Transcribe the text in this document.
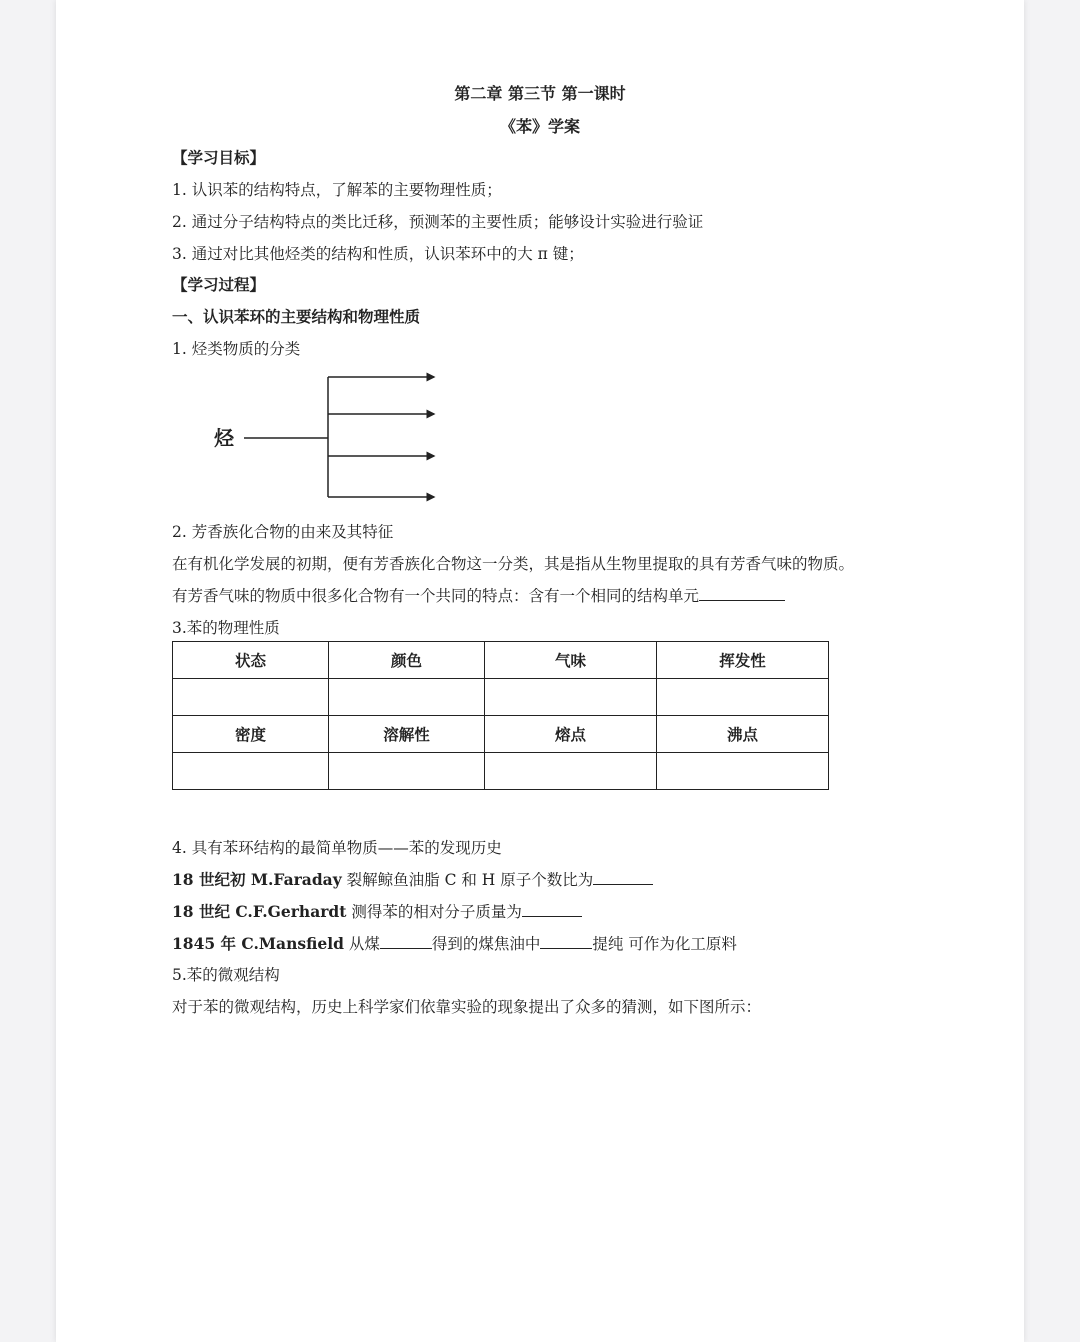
第二章 第三节 第一课时
《苯》学案
【学习目标】
1. 认识苯的结构特点，了解苯的主要物理性质；
2. 通过分子结构特点的类比迁移，预测苯的主要性质；能够设计实验进行验证
3. 通过对比其他烃类的结构和性质，认识苯环中的大 π 键；
【学习过程】
一、认识苯环的主要结构和物理性质
1. 烃类物质的分类
烃
2. 芳香族化合物的由来及其特征
在有机化学发展的初期，便有芳香族化合物这一分类，其是指从生物里提取的具有芳香气味的物质。
有芳香气味的物质中很多化合物有一个共同的特点：含有一个相同的结构单元
3.苯的物理性质
状态	颜色	气味	挥发性

密度	溶解性	熔点	沸点

4. 具有苯环结构的最简单物质——苯的发现历史
18 世纪初 M.Faraday 裂解鲸鱼油脂 C 和 H 原子个数比为
18 世纪 C.F.Gerhardt 测得苯的相对分子质量为
1845 年 C.Mansfield 从煤	得到的煤焦油中	提纯 可作为化工原料
5.苯的微观结构
对于苯的微观结构，历史上科学家们依靠实验的现象提出了众多的猜测，如下图所示：
